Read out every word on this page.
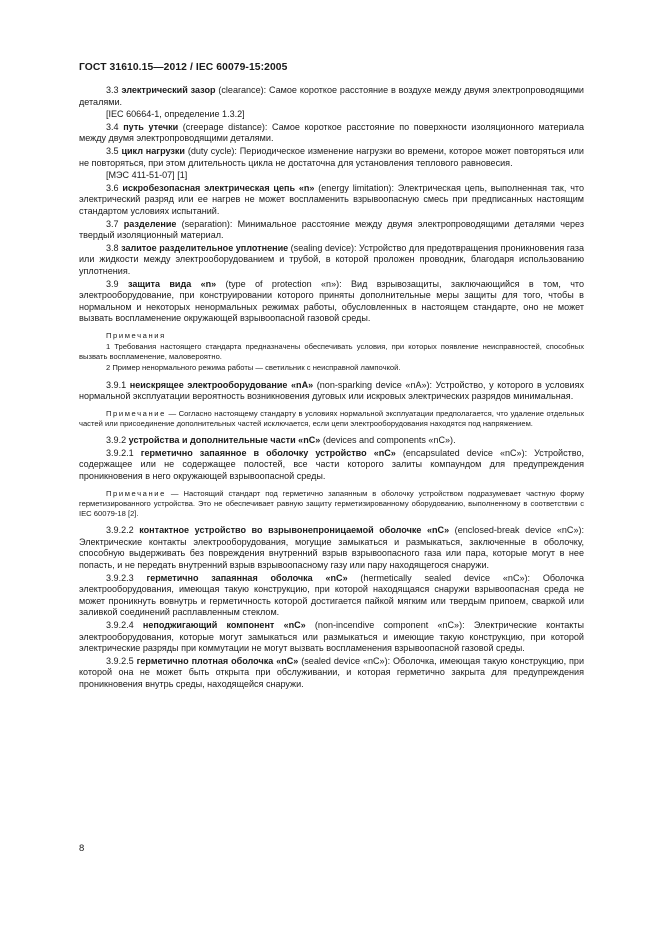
ГОСТ 31610.15—2012 / IEC 60079-15:2005

3.3 электрический зазор (clearance): Самое короткое расстояние в воздухе между двумя электропроводящими деталями.

[IEC 60664-1, определение 1.3.2]

3.4 путь утечки (creepage distance): Самое короткое расстояние по поверхности изоляционного материала между двумя электропроводящими деталями.

3.5 цикл нагрузки (duty cycle): Периодическое изменение нагрузки во времени, которое может повторяться или не повторяться, при этом длительность цикла не достаточна для установления теплового равновесия.

[МЭС 411-51-07] [1]

3.6 искробезопасная электрическая цепь «n» (energy limitation): Электрическая цепь, выполненная так, что электрический разряд или ее нагрев не может воспламенить взрывоопасную смесь при предписанных настоящим стандартом условиях испытаний.

3.7 разделение (separation): Минимальное расстояние между двумя электропроводящими деталями через твердый изоляционный материал.

3.8 залитое разделительное уплотнение (sealing device): Устройство для предотвращения проникновения газа или жидкости между электрооборудованием и трубой, в которой проложен проводник, благодаря использованию уплотнения.

3.9 защита вида «n» (type of protection «n»): Вид взрывозащиты, заключающийся в том, что электрооборудование, при конструировании которого приняты дополнительные меры защиты для того, чтобы в нормальном и некоторых ненормальных режимах работы, обусловленных в настоящем стандарте, оно не может вызвать воспламенение окружающей взрывоопасной газовой среды.

Примечания

1 Требования настоящего стандарта предназначены обеспечивать условия, при которых появление неисправностей, способных вызвать воспламенение, маловероятно.

2 Пример ненормального режима работы — светильник с неисправной лампочкой.

3.9.1 неискрящее электрооборудование «nA» (non-sparking device «nA»): Устройство, у которого в условиях нормальной эксплуатации вероятность возникновения дуговых или искровых электрических разрядов минимальная.

Примечание — Согласно настоящему стандарту в условиях нормальной эксплуатации предполагается, что удаление отдельных частей или присоединение дополнительных частей исключается, если цепи электрооборудования находятся под напряжением.

3.9.2 устройства и дополнительные части «nC» (devices and components «nC»).

3.9.2.1 герметично запаянное в оболочку устройство «nC» (encapsulated device «nC»): Устройство, содержащее или не содержащее полостей, все части которого залиты компаундом для предупреждения проникновения в него окружающей взрывоопасной среды.

Примечание — Настоящий стандарт под герметично запаянным в оболочку устройством подразумевает частную форму герметизированного устройства. Это не обеспечивает равную защиту герметизированному оборудованию, выполненному в соответствии с IEC 60079-18 [2].

3.9.2.2 контактное устройство во взрывонепроницаемой оболочке «nC» (enclosed-break device «nC»): Электрические контакты электрооборудования, могущие замыкаться и размыкаться, заключенные в оболочку, способную выдерживать без повреждения внутренний взрыв взрывоопасного газа или пара, которые могут в нее попасть, и не передать внутренний взрыв взрывоопасному газу или пару находящегося снаружи.

3.9.2.3 герметично запаянная оболочка «nC» (hermetically sealed device «nC»): Оболочка электрооборудования, имеющая такую конструкцию, при которой находящаяся снаружи взрывоопасная среда не может проникнуть вовнутрь и герметичность которой достигается пайкой мягким или твердым припоем, сваркой или заливкой соединений расплавленным стеклом.

3.9.2.4 неподжигающий компонент «nC» (non-incendive component «nC»): Электрические контакты электрооборудования, которые могут замыкаться или размыкаться и имеющие такую конструкцию, при которой электрические разряды при коммутации не могут вызвать воспламенения взрывоопасной газовой среды.

3.9.2.5 герметично плотная оболочка «nC» (sealed device «nC»): Оболочка, имеющая такую конструкцию, при которой она не может быть открыта при обслуживании, и которая герметично закрыта для предупреждения проникновения внутрь среды, находящейся снаружи.

8
